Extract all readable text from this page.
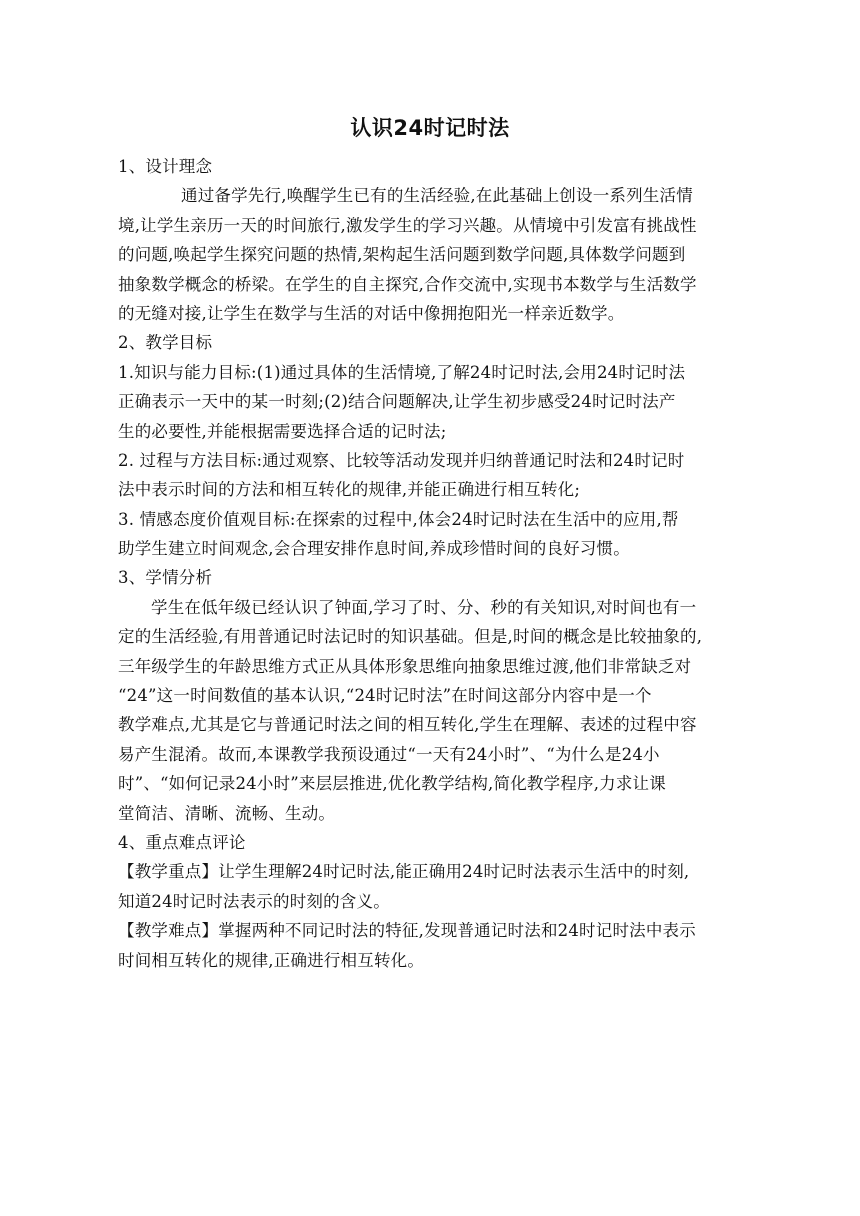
认识24时记时法
1、设计理念
通过备学先行,唤醒学生已有的生活经验,在此基础上创设一系列生活情
境,让学生亲历一天的时间旅行,激发学生的学习兴趣。从情境中引发富有挑战性
的问题,唤起学生探究问题的热情,架构起生活问题到数学问题,具体数学问题到
抽象数学概念的桥梁。在学生的自主探究,合作交流中,实现书本数学与生活数学
的无缝对接,让学生在数学与生活的对话中像拥抱阳光一样亲近数学。
2、教学目标
1.知识与能力目标:(1)通过具体的生活情境,了解24时记时法,会用24时记时法
正确表示一天中的某一时刻;(2)结合问题解决,让学生初步感受24时记时法产
生的必要性,并能根据需要选择合适的记时法;
2. 过程与方法目标:通过观察、比较等活动发现并归纳普通记时法和24时记时
法中表示时间的方法和相互转化的规律,并能正确进行相互转化;
3. 情感态度价值观目标:在探索的过程中,体会24时记时法在生活中的应用,帮
助学生建立时间观念,会合理安排作息时间,养成珍惜时间的良好习惯。
3、学情分析
学生在低年级已经认识了钟面,学习了时、分、秒的有关知识,对时间也有一
定的生活经验,有用普通记时法记时的知识基础。但是,时间的概念是比较抽象的,
三年级学生的年龄思维方式正从具体形象思维向抽象思维过渡,他们非常缺乏对
“24”这一时间数值的基本认识,“24时记时法”在时间这部分内容中是一个
教学难点,尤其是它与普通记时法之间的相互转化,学生在理解、表述的过程中容
易产生混淆。故而,本课教学我预设通过“一天有24小时”、“为什么是24小
时”、“如何记录24小时”来层层推进,优化教学结构,简化教学程序,力求让课
堂简洁、清晰、流畅、生动。
4、重点难点评论
【教学重点】让学生理解24时记时法,能正确用24时记时法表示生活中的时刻,
知道24时记时法表示的时刻的含义。
【教学难点】掌握两种不同记时法的特征,发现普通记时法和24时记时法中表示
时间相互转化的规律,正确进行相互转化。
